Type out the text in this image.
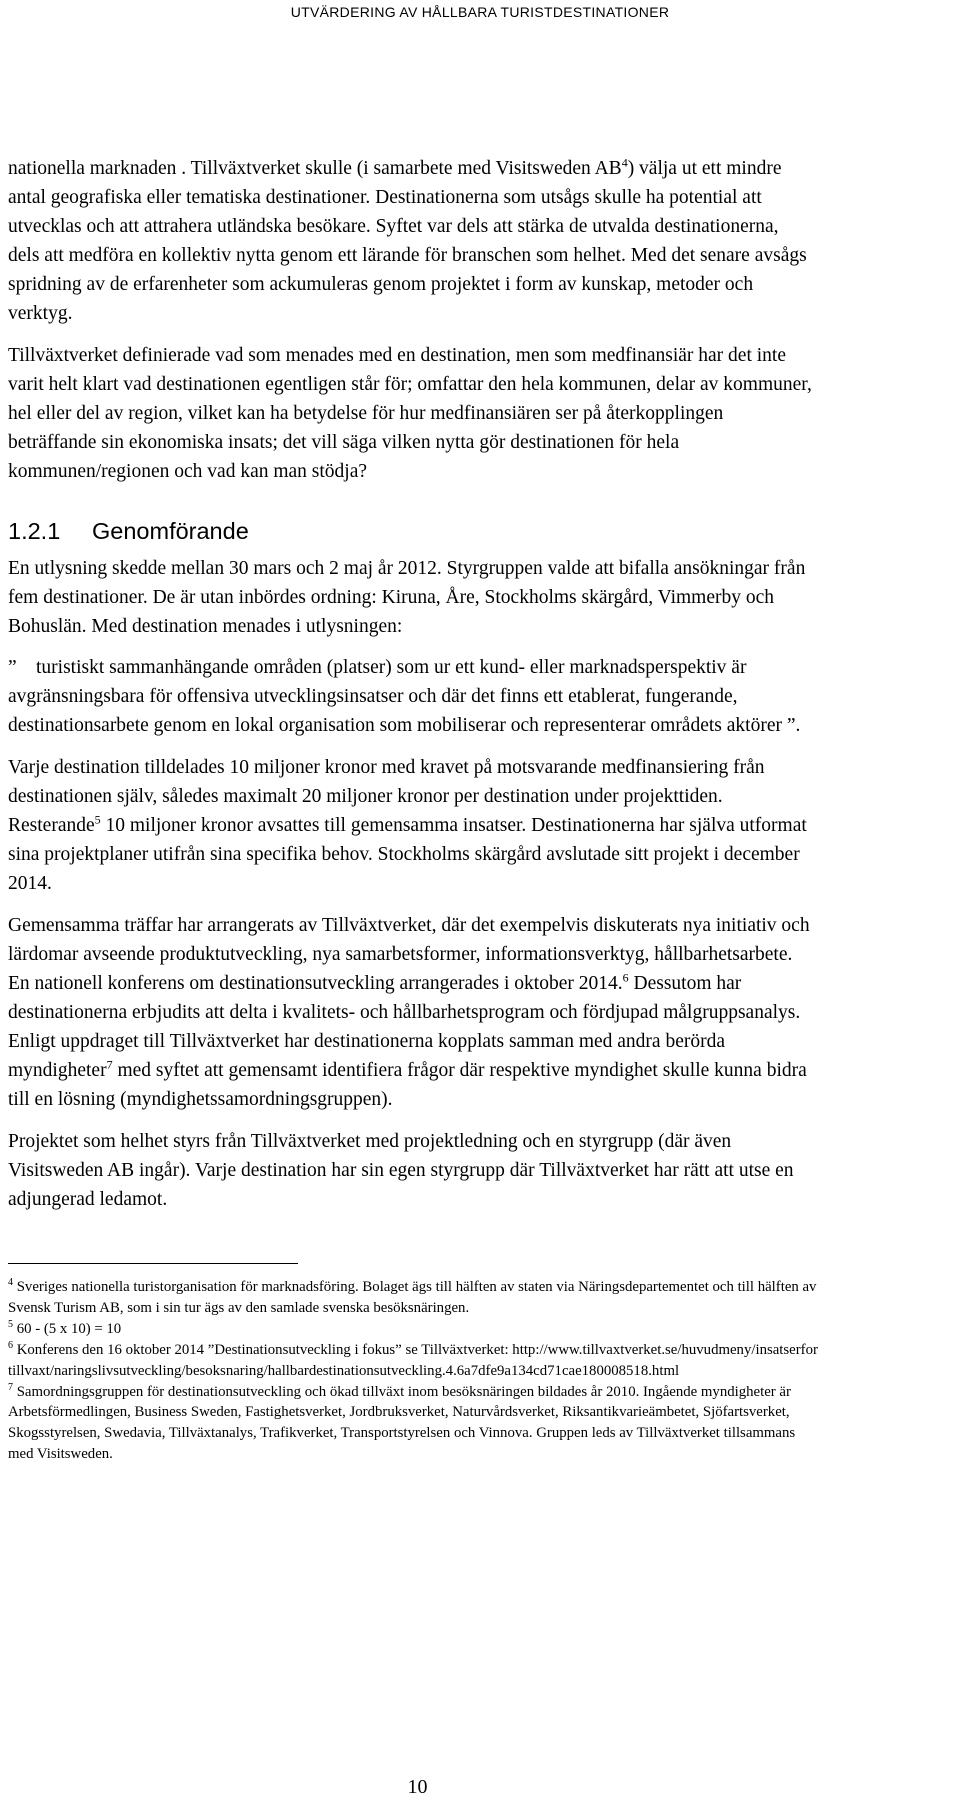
UTVÄRDERING AV HÅLLBARA TURISTDESTINATIONER

nationella marknaden . Tillväxtverket skulle (i samarbete med Visitsweden $AB^4$) välja ut ett mindre antal geografiska eller tematiska destinationer. Destinationerna som utsågs skulle ha potential att utvecklas och att attrahera utländska besökare. Syftet var dels att stärka de utvalda destinationerna, dels att medföra en kollektiv nytta genom ett lärande för branschen som helhet. Med det senare avsågs spridning av de erfarenheter som ackumuleras genom projektet i form av kunskap, metoder och verktyg.

Tillväxtverket definierade vad som menades med en destination, men som medfinansiär har det inte varit helt klart vad destinationen egentligen står för; omfattar den hela kommunen, delar av kommuner, hel eller del av region, vilket kan ha betydelse för hur medfinansiären ser på återkopplingen beträffande sin ekonomiska insats; det vill säga vilken nytta gör destinationen för hela kommunen/regionen och vad kan man stödja?

1.2.1 Genomförande

En utlysning skedde mellan 30 mars och 2 maj år 2012. Styrgruppen valde att bifalla ansökningar från fem destinationer. De är utan inbördes ordning: Kiruna, Åre, Stockholms skärgård, Vimmerby och Bohuslän. Med destination menades i utlysningen:

” turistiskt sammanhängande områden (platser) som ur ett kund- eller marknadsperspektiv är avgränsningsbara för offensiva utvecklingsinsatser och där det finns ett etablerat, fungerande, destinationsarbete genom en lokal organisation som mobiliserar och representerar områdets aktörer ”.

Varje destination tilldelades 10 miljoner kronor med kravet på motsvarande medfinansiering från destinationen själv, således maximalt 20 miljoner kronor per destination under projekttiden. Resterande$^5$ 10 miljoner kronor avsattes till gemensamma insatser. Destinationerna har själva utformat sina projektplaner utifrån sina specifika behov. Stockholms skärgård avslutade sitt projekt i december 2014.

Gemensamma träffar har arrangerats av Tillväxtverket, där det exempelvis diskuterats nya initiativ och lärdomar avseende produktutveckling, nya samarbetsformer, informationsverktyg, hållbarhetsarbete. En nationell konferens om destinationsutveckling arrangerades i oktober 2014.$^6$ Dessutom har destinationerna erbjudits att delta i kvalitets- och hållbarhetsprogram och fördjupad målgruppsanalys. Enligt uppdraget till Tillväxtverket har destinationerna kopplats samman med andra berörda myndigheter$^7$ med syftet att gemensamt identifiera frågor där respektive myndighet skulle kunna bidra till en lösning (myndighetssamordningsgruppen).

Projektet som helhet styrs från Tillväxtverket med projektledning och en styrgrupp (där även Visitsweden AB ingår). Varje destination har sin egen styrgrupp där Tillväxtverket har rätt att utse en adjungerad ledamot.

$^4$ Sveriges nationella turistorganisation för marknadsföring. Bolaget ägs till hälften av staten via Näringsdepartementet och till hälften av Svensk Turism AB, som i sin tur ägs av den samlade svenska besöksnäringen.

$^5$ 60 - (5 x 10) = 10

$^6$ Konferens den 16 oktober 2014 ”Destinationsutveckling i fokus” se Tillväxtverket: http://www.tillvaxtverket.se/huvudmeny/insatserfortillvaxt/naringslivsutveckling/besoksnaring/hallbardestinationsutveckling.4.6a7dfe9a134cd71cae180008518.html

$^7$ Samordningsgruppen för destinationsutveckling och ökad tillväxt inom besöksnäringen bildades år 2010. Ingående myndigheter är Arbetsförmedlingen, Business Sweden, Fastighetsverket, Jordbruksverket, Naturvårdsverket, Riksantikvarieämbetet, Sjöfartsverket, Skogsstyrelsen, Swedavia, Tillväxtanalys, Trafikverket, Transportstyrelsen och Vinnova. Gruppen leds av Tillväxtverket tillsammans med Visitsweden.

10
